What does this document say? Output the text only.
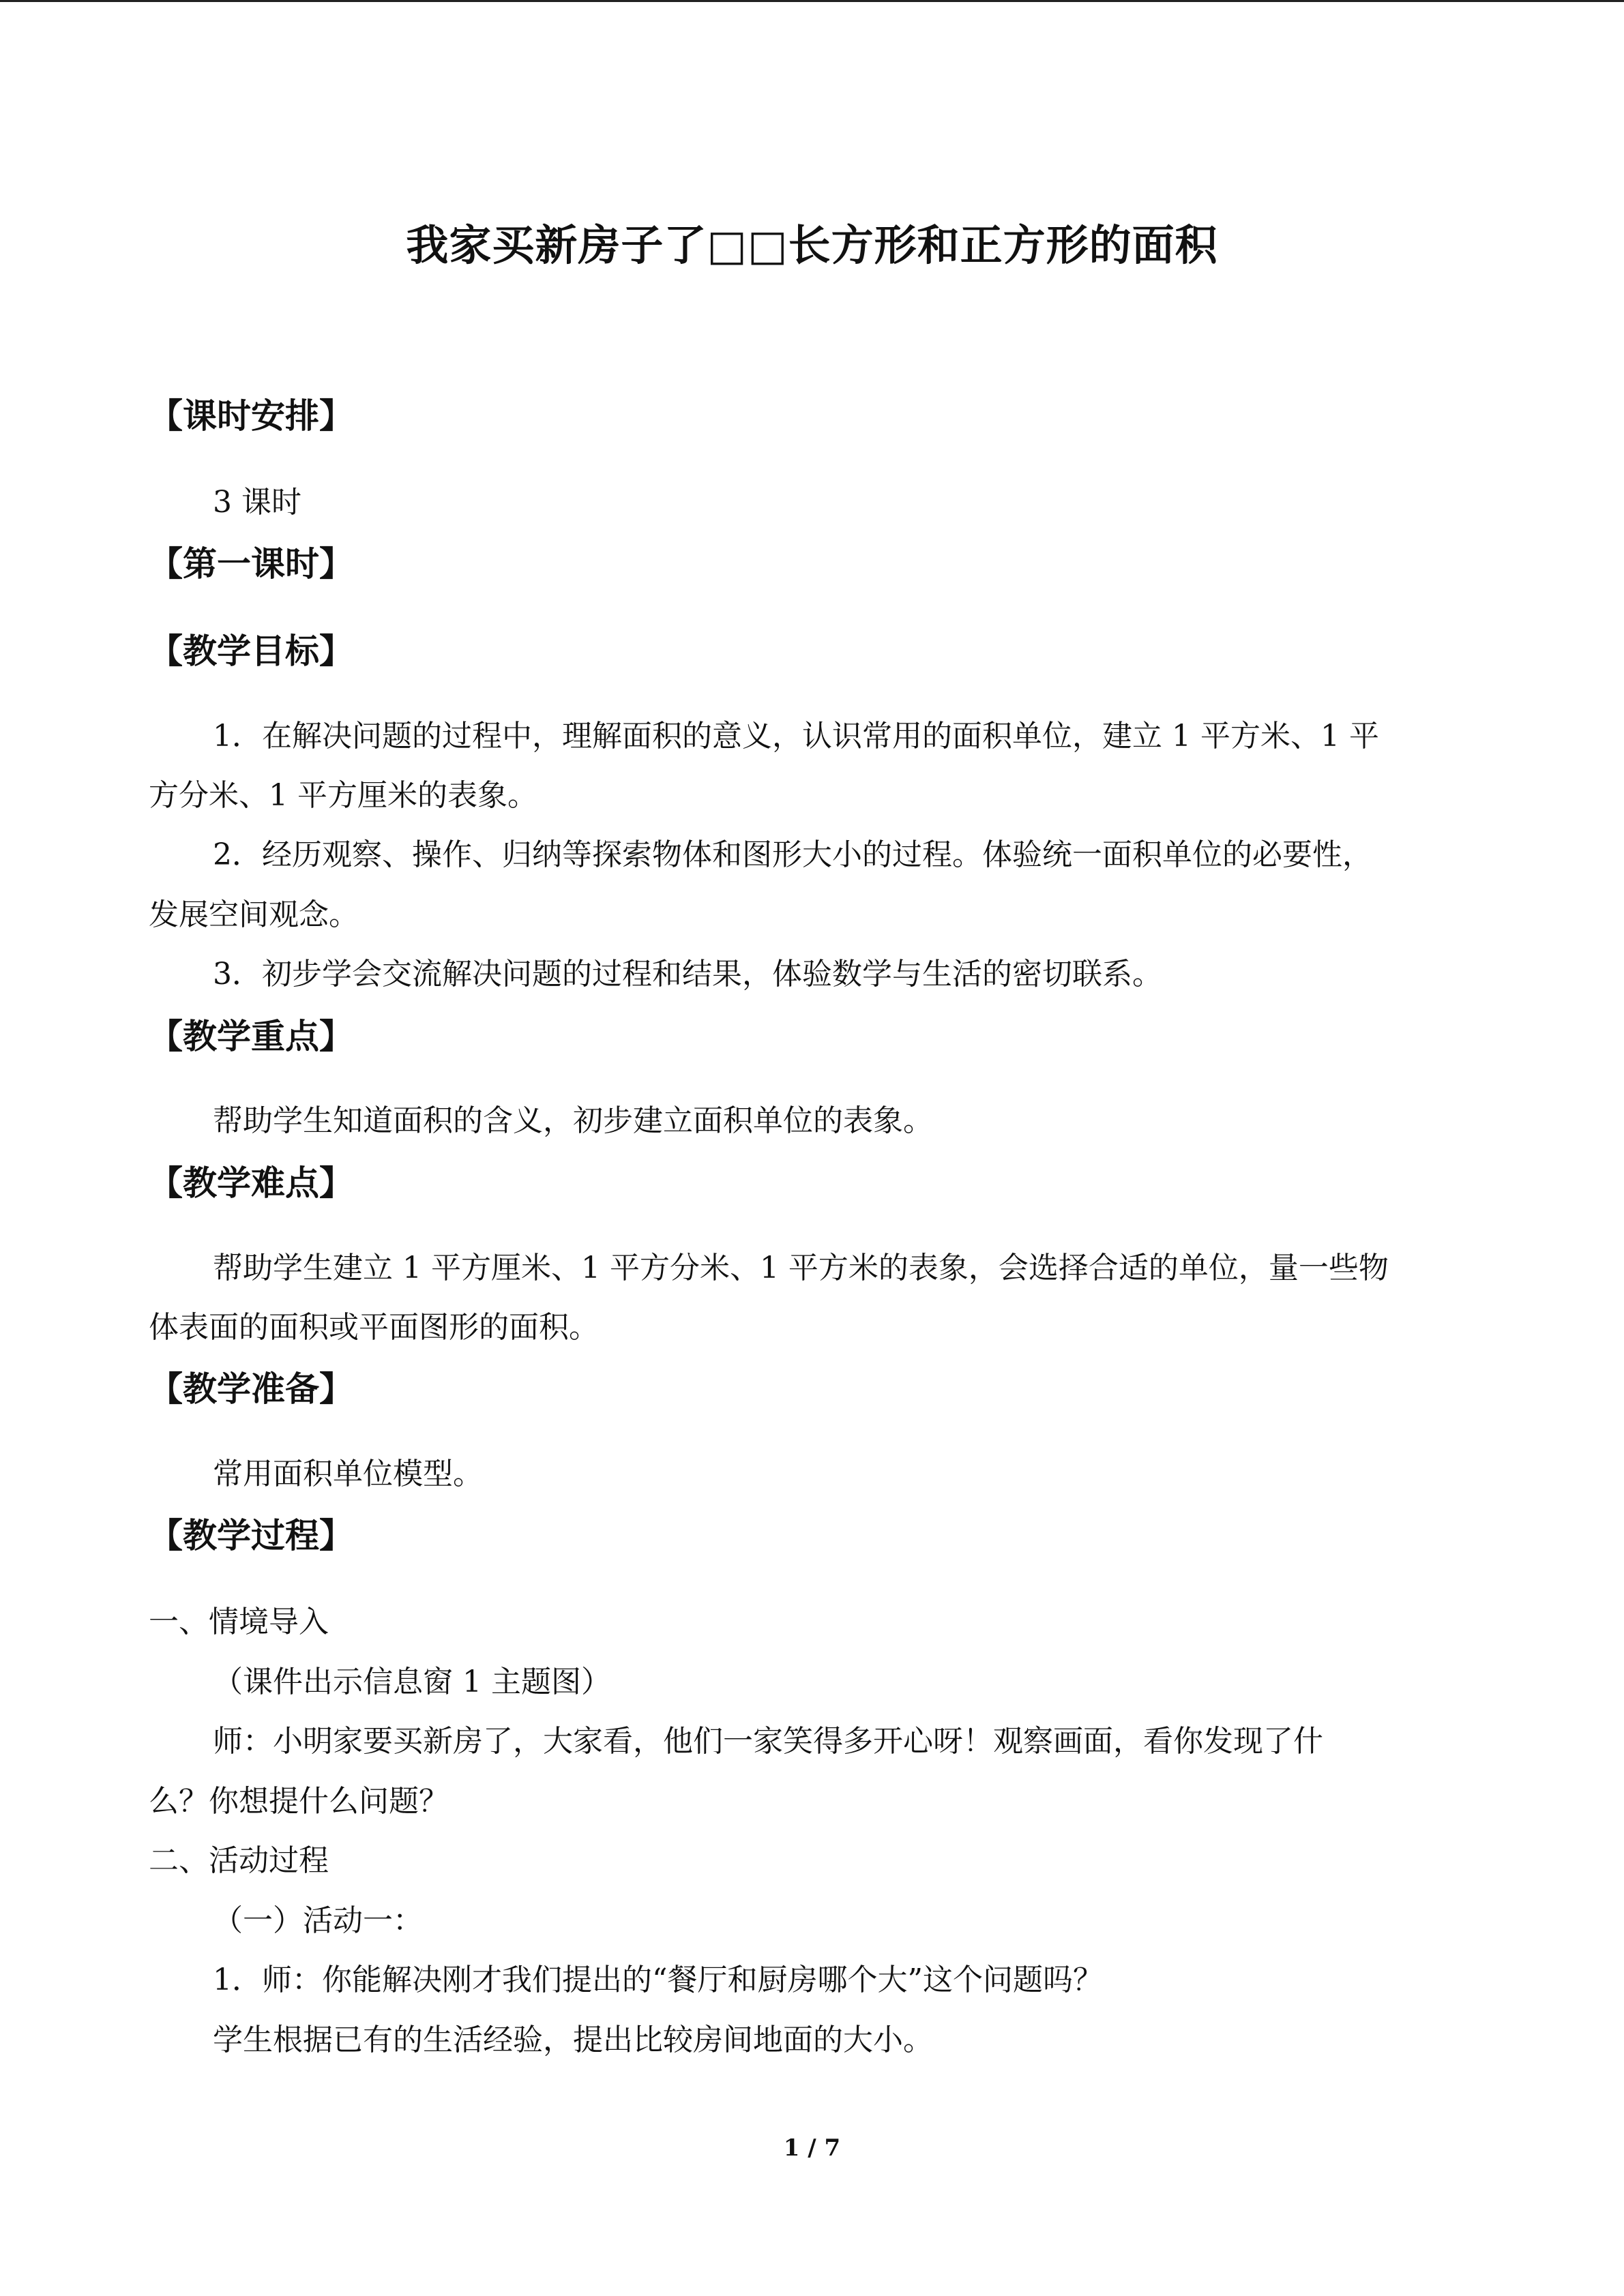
我家买新房子了□□长方形和正方形的面积
【课时安排】
3 课时
【第一课时】
【教学目标】
1．在解决问题的过程中，理解面积的意义，认识常用的面积单位，建立 1 平方米、1 平
方分米、1 平方厘米的表象。
2．经历观察、操作、归纳等探索物体和图形大小的过程。体验统一面积单位的必要性，
发展空间观念。
3．初步学会交流解决问题的过程和结果，体验数学与生活的密切联系。
【教学重点】
帮助学生知道面积的含义，初步建立面积单位的表象。
【教学难点】
帮助学生建立 1 平方厘米、1 平方分米、1 平方米的表象，会选择合适的单位，量一些物
体表面的面积或平面图形的面积。
【教学准备】
常用面积单位模型。
【教学过程】
一、情境导入
（课件出示信息窗 1 主题图）
师：小明家要买新房了，大家看，他们一家笑得多开心呀！观察画面，看你发现了什
么？你想提什么问题？
二、活动过程
（一）活动一：
1．师：你能解决刚才我们提出的“餐厅和厨房哪个大”这个问题吗？
学生根据已有的生活经验，提出比较房间地面的大小。
1 / 7
